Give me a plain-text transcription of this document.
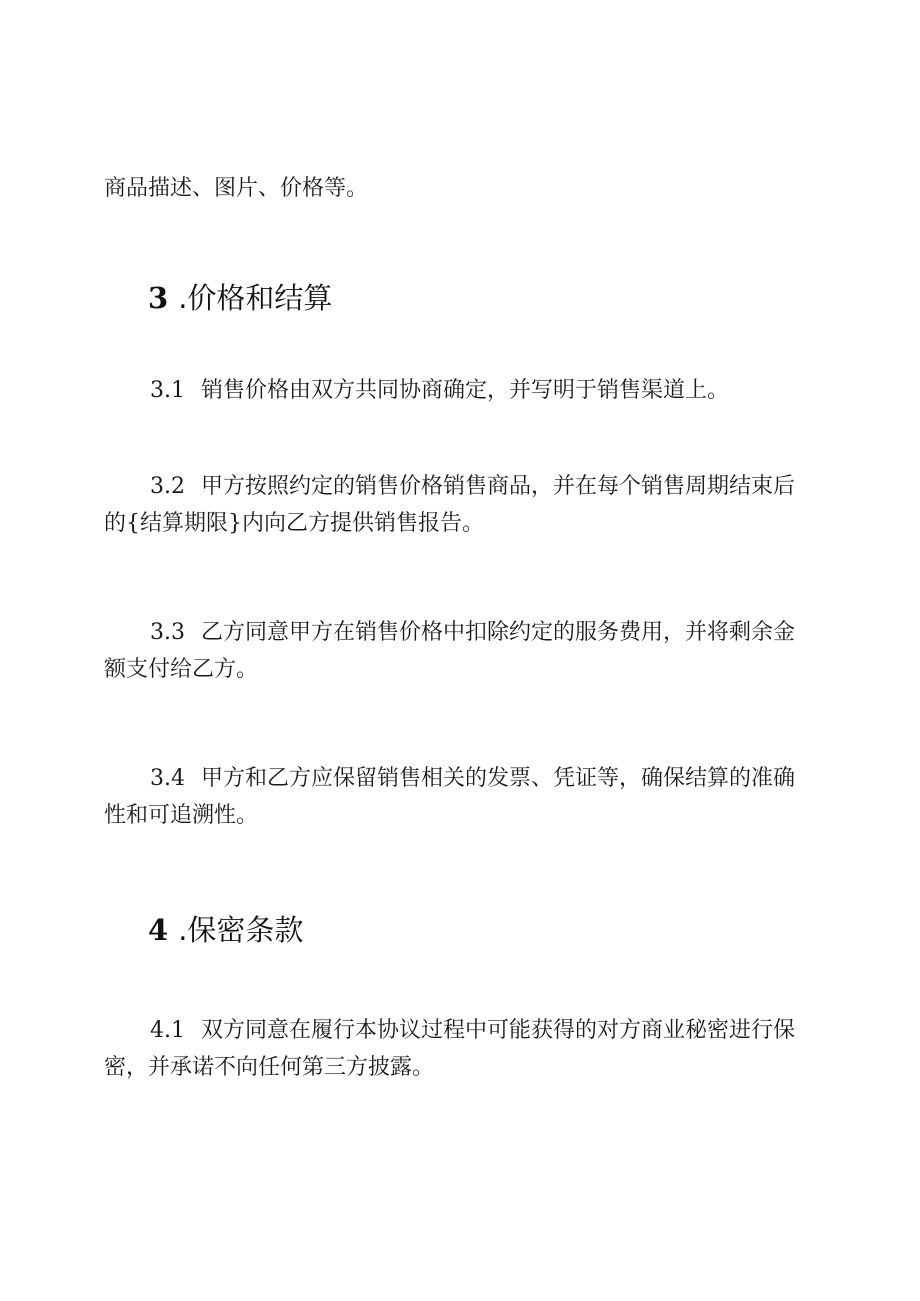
商品描述、图片、价格等。
3 .价格和结算
3.1 销售价格由双方共同协商确定，并写明于销售渠道上。
3.2 甲方按照约定的销售价格销售商品，并在每个销售周期结束后的{结算期限}内向乙方提供销售报告。
3.3 乙方同意甲方在销售价格中扣除约定的服务费用，并将剩余金额支付给乙方。
3.4 甲方和乙方应保留销售相关的发票、凭证等，确保结算的准确性和可追溯性。
4 .保密条款
4.1 双方同意在履行本协议过程中可能获得的对方商业秘密进行保密，并承诺不向任何第三方披露。
